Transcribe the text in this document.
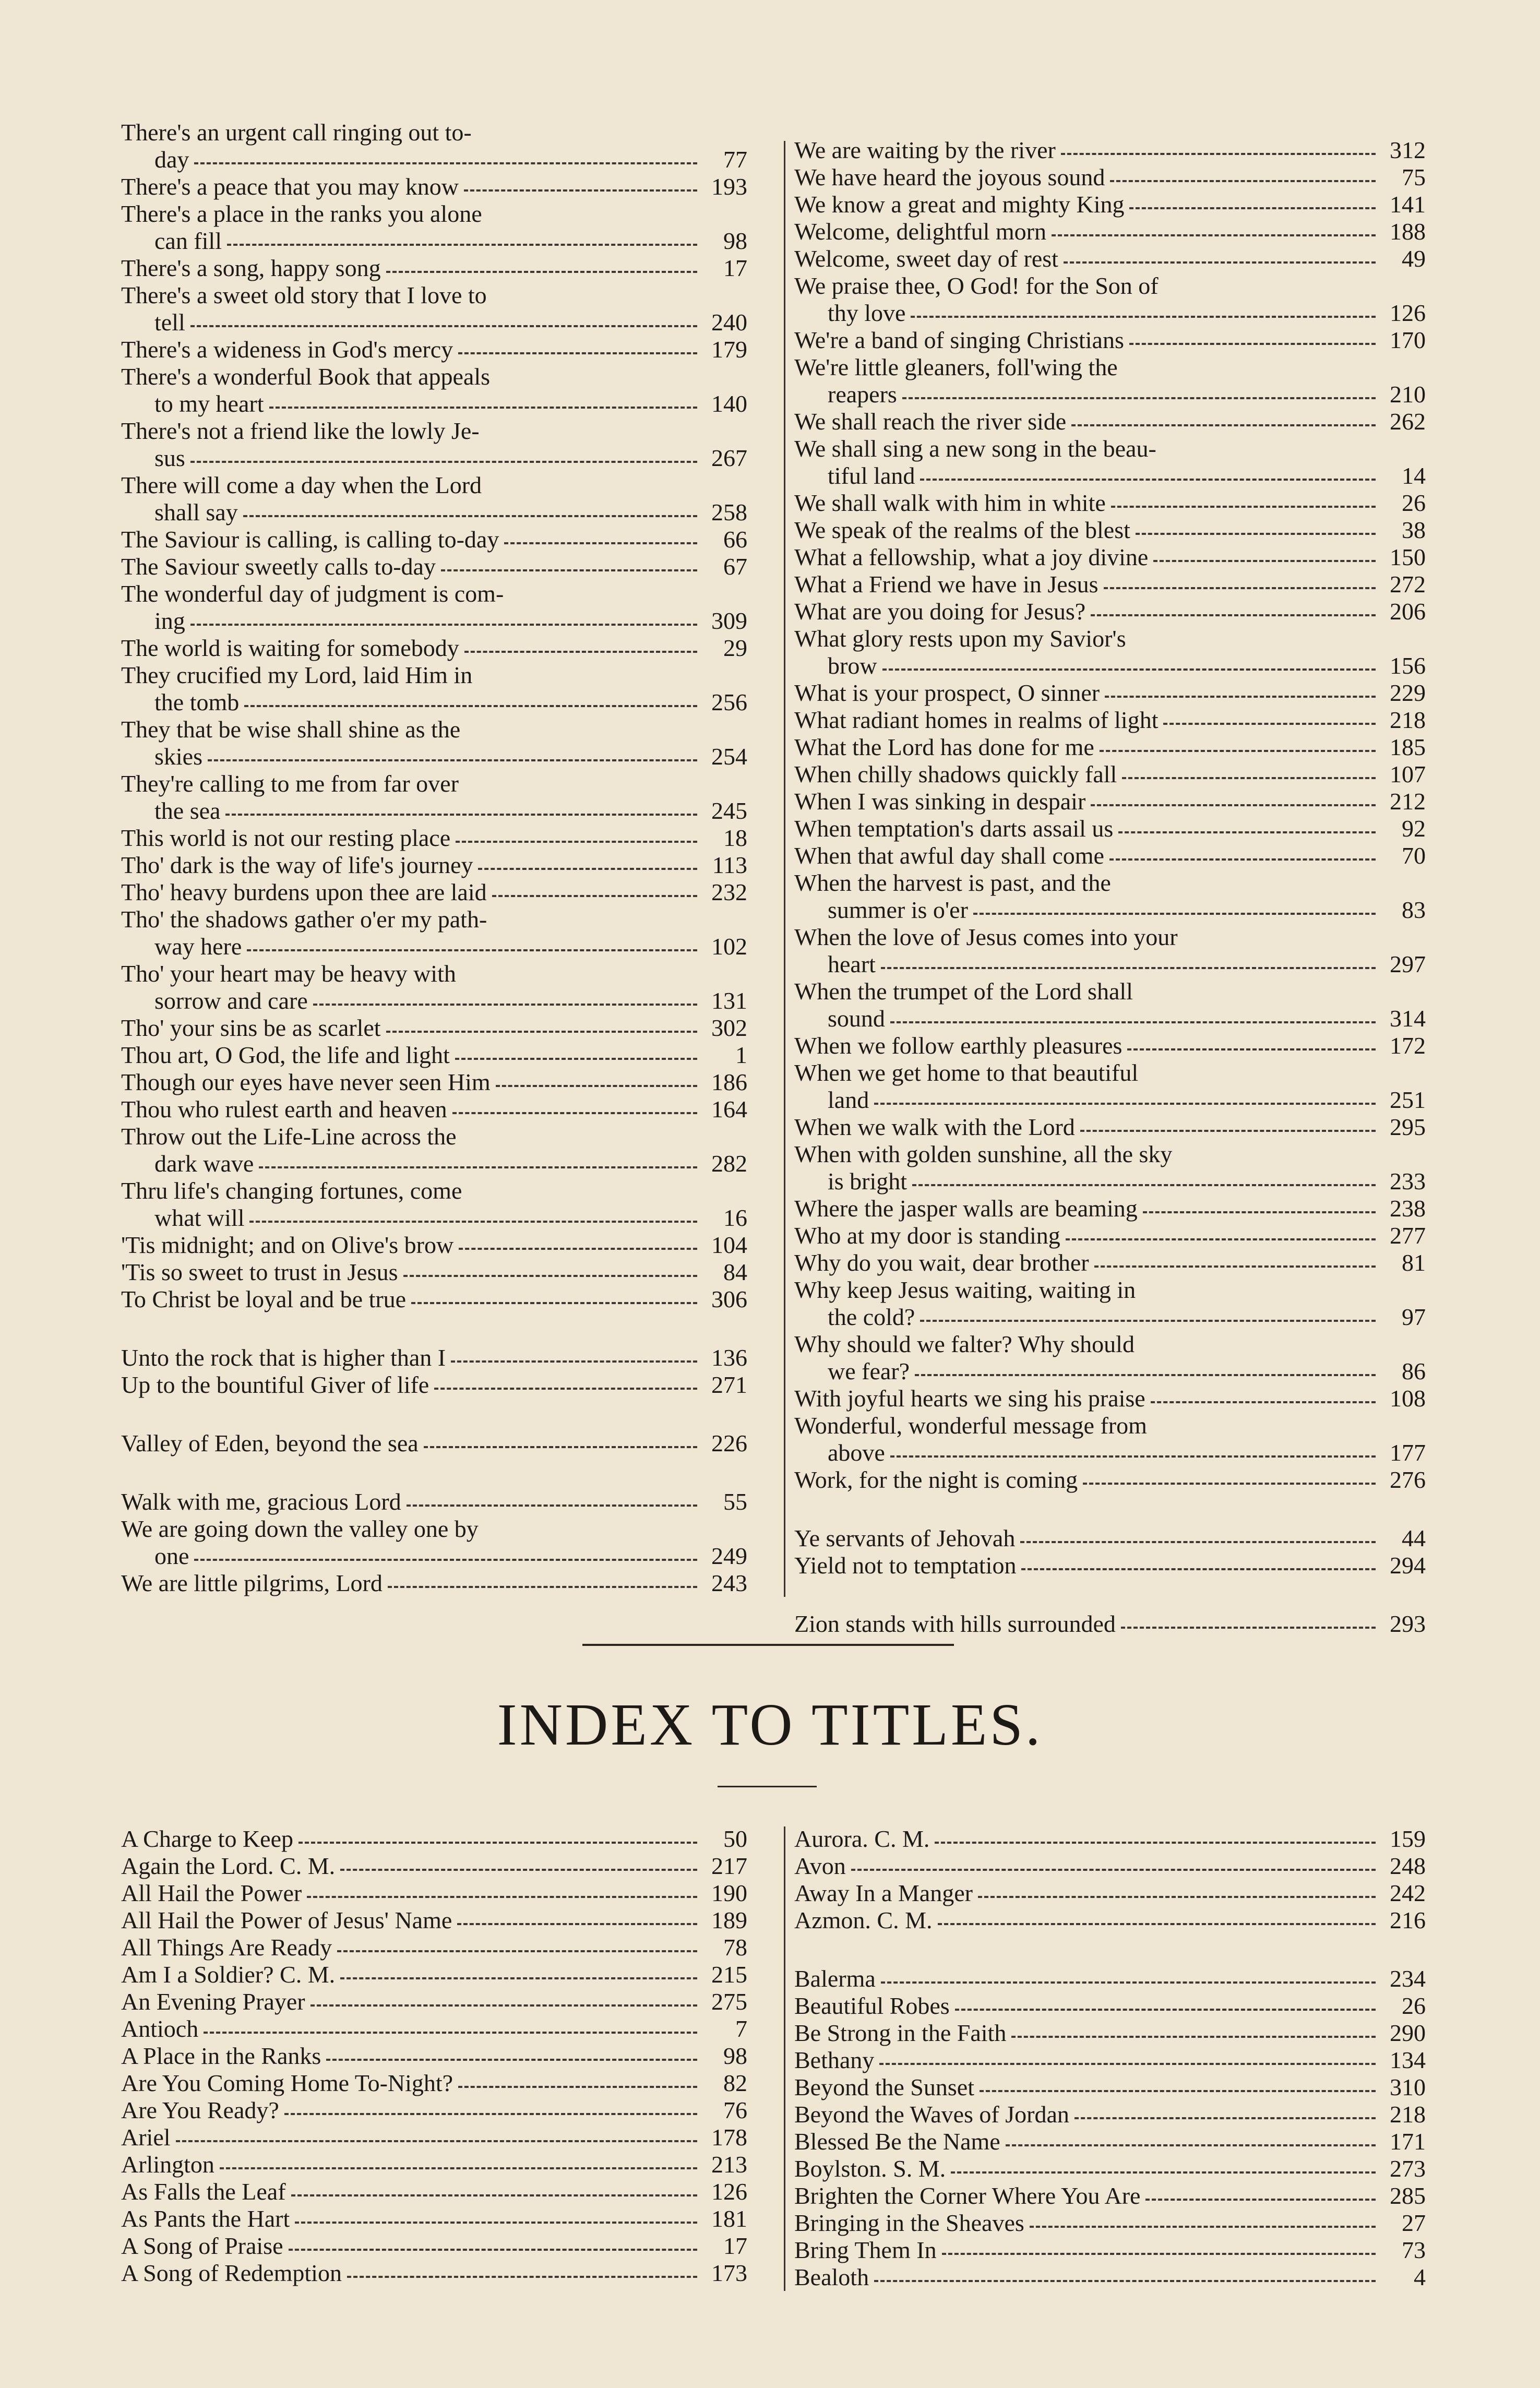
There's an urgent call ringing out to-
day	77
There's a peace that you may know	193
There's a place in the ranks you alone
can fill	98
There's a song, happy song	17
There's a sweet old story that I love to
tell	240
There's a wideness in God's mercy	179
There's a wonderful Book that appeals
to my heart	140
There's not a friend like the lowly Je-
sus	267
There will come a day when the Lord
shall say	258
The Saviour is calling, is calling to-day	66
The Saviour sweetly calls to-day	67
The wonderful day of judgment is com-
ing	309
The world is waiting for somebody	29
They crucified my Lord, laid Him in
the tomb	256
They that be wise shall shine as the
skies	254
They're calling to me from far over
the sea	245
This world is not our resting place	18
Tho' dark is the way of life's journey	113
Tho' heavy burdens upon thee are laid	232
Tho' the shadows gather o'er my path-
way here	102
Tho' your heart may be heavy with
sorrow and care	131
Tho' your sins be as scarlet	302
Thou art, O God, the life and light	1
Though our eyes have never seen Him	186
Thou who rulest earth and heaven	164
Throw out the Life-Line across the
dark wave	282
Thru life's changing fortunes, come
what will	16
'Tis midnight; and on Olive's brow	104
'Tis so sweet to trust in Jesus	84
To Christ be loyal and be true	306
Unto the rock that is higher than I	136
Up to the bountiful Giver of life	271
Valley of Eden, beyond the sea	226
Walk with me, gracious Lord	55
We are going down the valley one by
one	249
We are little pilgrims, Lord	243
We are waiting by the river	312
We have heard the joyous sound	75
We know a great and mighty King	141
Welcome, delightful morn	188
Welcome, sweet day of rest	49
We praise thee, O God! for the Son of
thy love	126
We're a band of singing Christians	170
We're little gleaners, foll'wing the
reapers	210
We shall reach the river side	262
We shall sing a new song in the beau-
tiful land	14
We shall walk with him in white	26
We speak of the realms of the blest	38
What a fellowship, what a joy divine	150
What a Friend we have in Jesus	272
What are you doing for Jesus?	206
What glory rests upon my Savior's
brow	156
What is your prospect, O sinner	229
What radiant homes in realms of light	218
What the Lord has done for me	185
When chilly shadows quickly fall	107
When I was sinking in despair	212
When temptation's darts assail us	92
When that awful day shall come	70
When the harvest is past, and the
summer is o'er	83
When the love of Jesus comes into your
heart	297
When the trumpet of the Lord shall
sound	314
When we follow earthly pleasures	172
When we get home to that beautiful
land	251
When we walk with the Lord	295
When with golden sunshine, all the sky
is bright	233
Where the jasper walls are beaming	238
Who at my door is standing	277
Why do you wait, dear brother	81
Why keep Jesus waiting, waiting in
the cold?	97
Why should we falter? Why should
we fear?	86
With joyful hearts we sing his praise	108
Wonderful, wonderful message from
above	177
Work, for the night is coming	276
Ye servants of Jehovah	44
Yield not to temptation	294
Zion stands with hills surrounded	293
INDEX TO TITLES.
A Charge to Keep	50
Again the Lord. C. M.	217
All Hail the Power	190
All Hail the Power of Jesus' Name	189
All Things Are Ready	78
Am I a Soldier? C. M.	215
An Evening Prayer	275
Antioch	7
A Place in the Ranks	98
Are You Coming Home To-Night?	82
Are You Ready?	76
Ariel	178
Arlington	213
As Falls the Leaf	126
As Pants the Hart	181
A Song of Praise	17
A Song of Redemption	173
Aurora. C. M.	159
Avon	248
Away In a Manger	242
Azmon. C. M.	216
Balerma	234
Beautiful Robes	26
Be Strong in the Faith	290
Bethany	134
Beyond the Sunset	310
Beyond the Waves of Jordan	218
Blessed Be the Name	171
Boylston. S. M.	273
Brighten the Corner Where You Are	285
Bringing in the Sheaves	27
Bring Them In	73
Bealoth	4
